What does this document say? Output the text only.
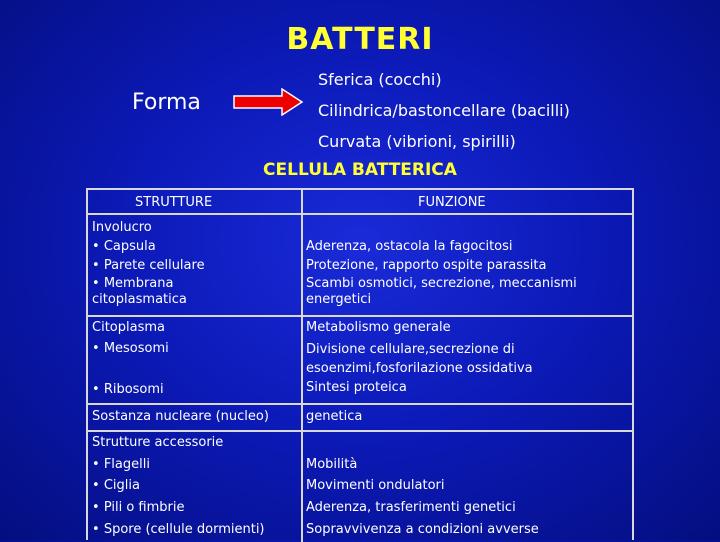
BATTERI
Forma
Sferica (cocchi)
Cilindrica/bastoncellare (bacilli)
Curvata (vibrioni, spirilli)
CELLULA BATTERICA
STRUTTURE	FUNZIONE
Involucro
• Capsula
• Parete cellulare
• Membrana citoplasmatica
Aderenza, ostacola la fagocitosi
Protezione, rapporto ospite parassita
Scambi osmotici, secrezione, meccanismi energetici
Citoplasma
• Mesosomi
• Ribosomi
Metabolismo generale
Divisione cellulare,secrezione di esoenzimi,fosforilazione ossidativa
Sintesi proteica
Sostanza nucleare (nucleo)	genetica
Strutture accessorie
• Flagelli
• Ciglia
• Pili o fimbrie
• Spore (cellule dormienti)
Mobilità
Movimenti ondulatori
Aderenza, trasferimenti genetici
Sopravvivenza a condizioni avverse
